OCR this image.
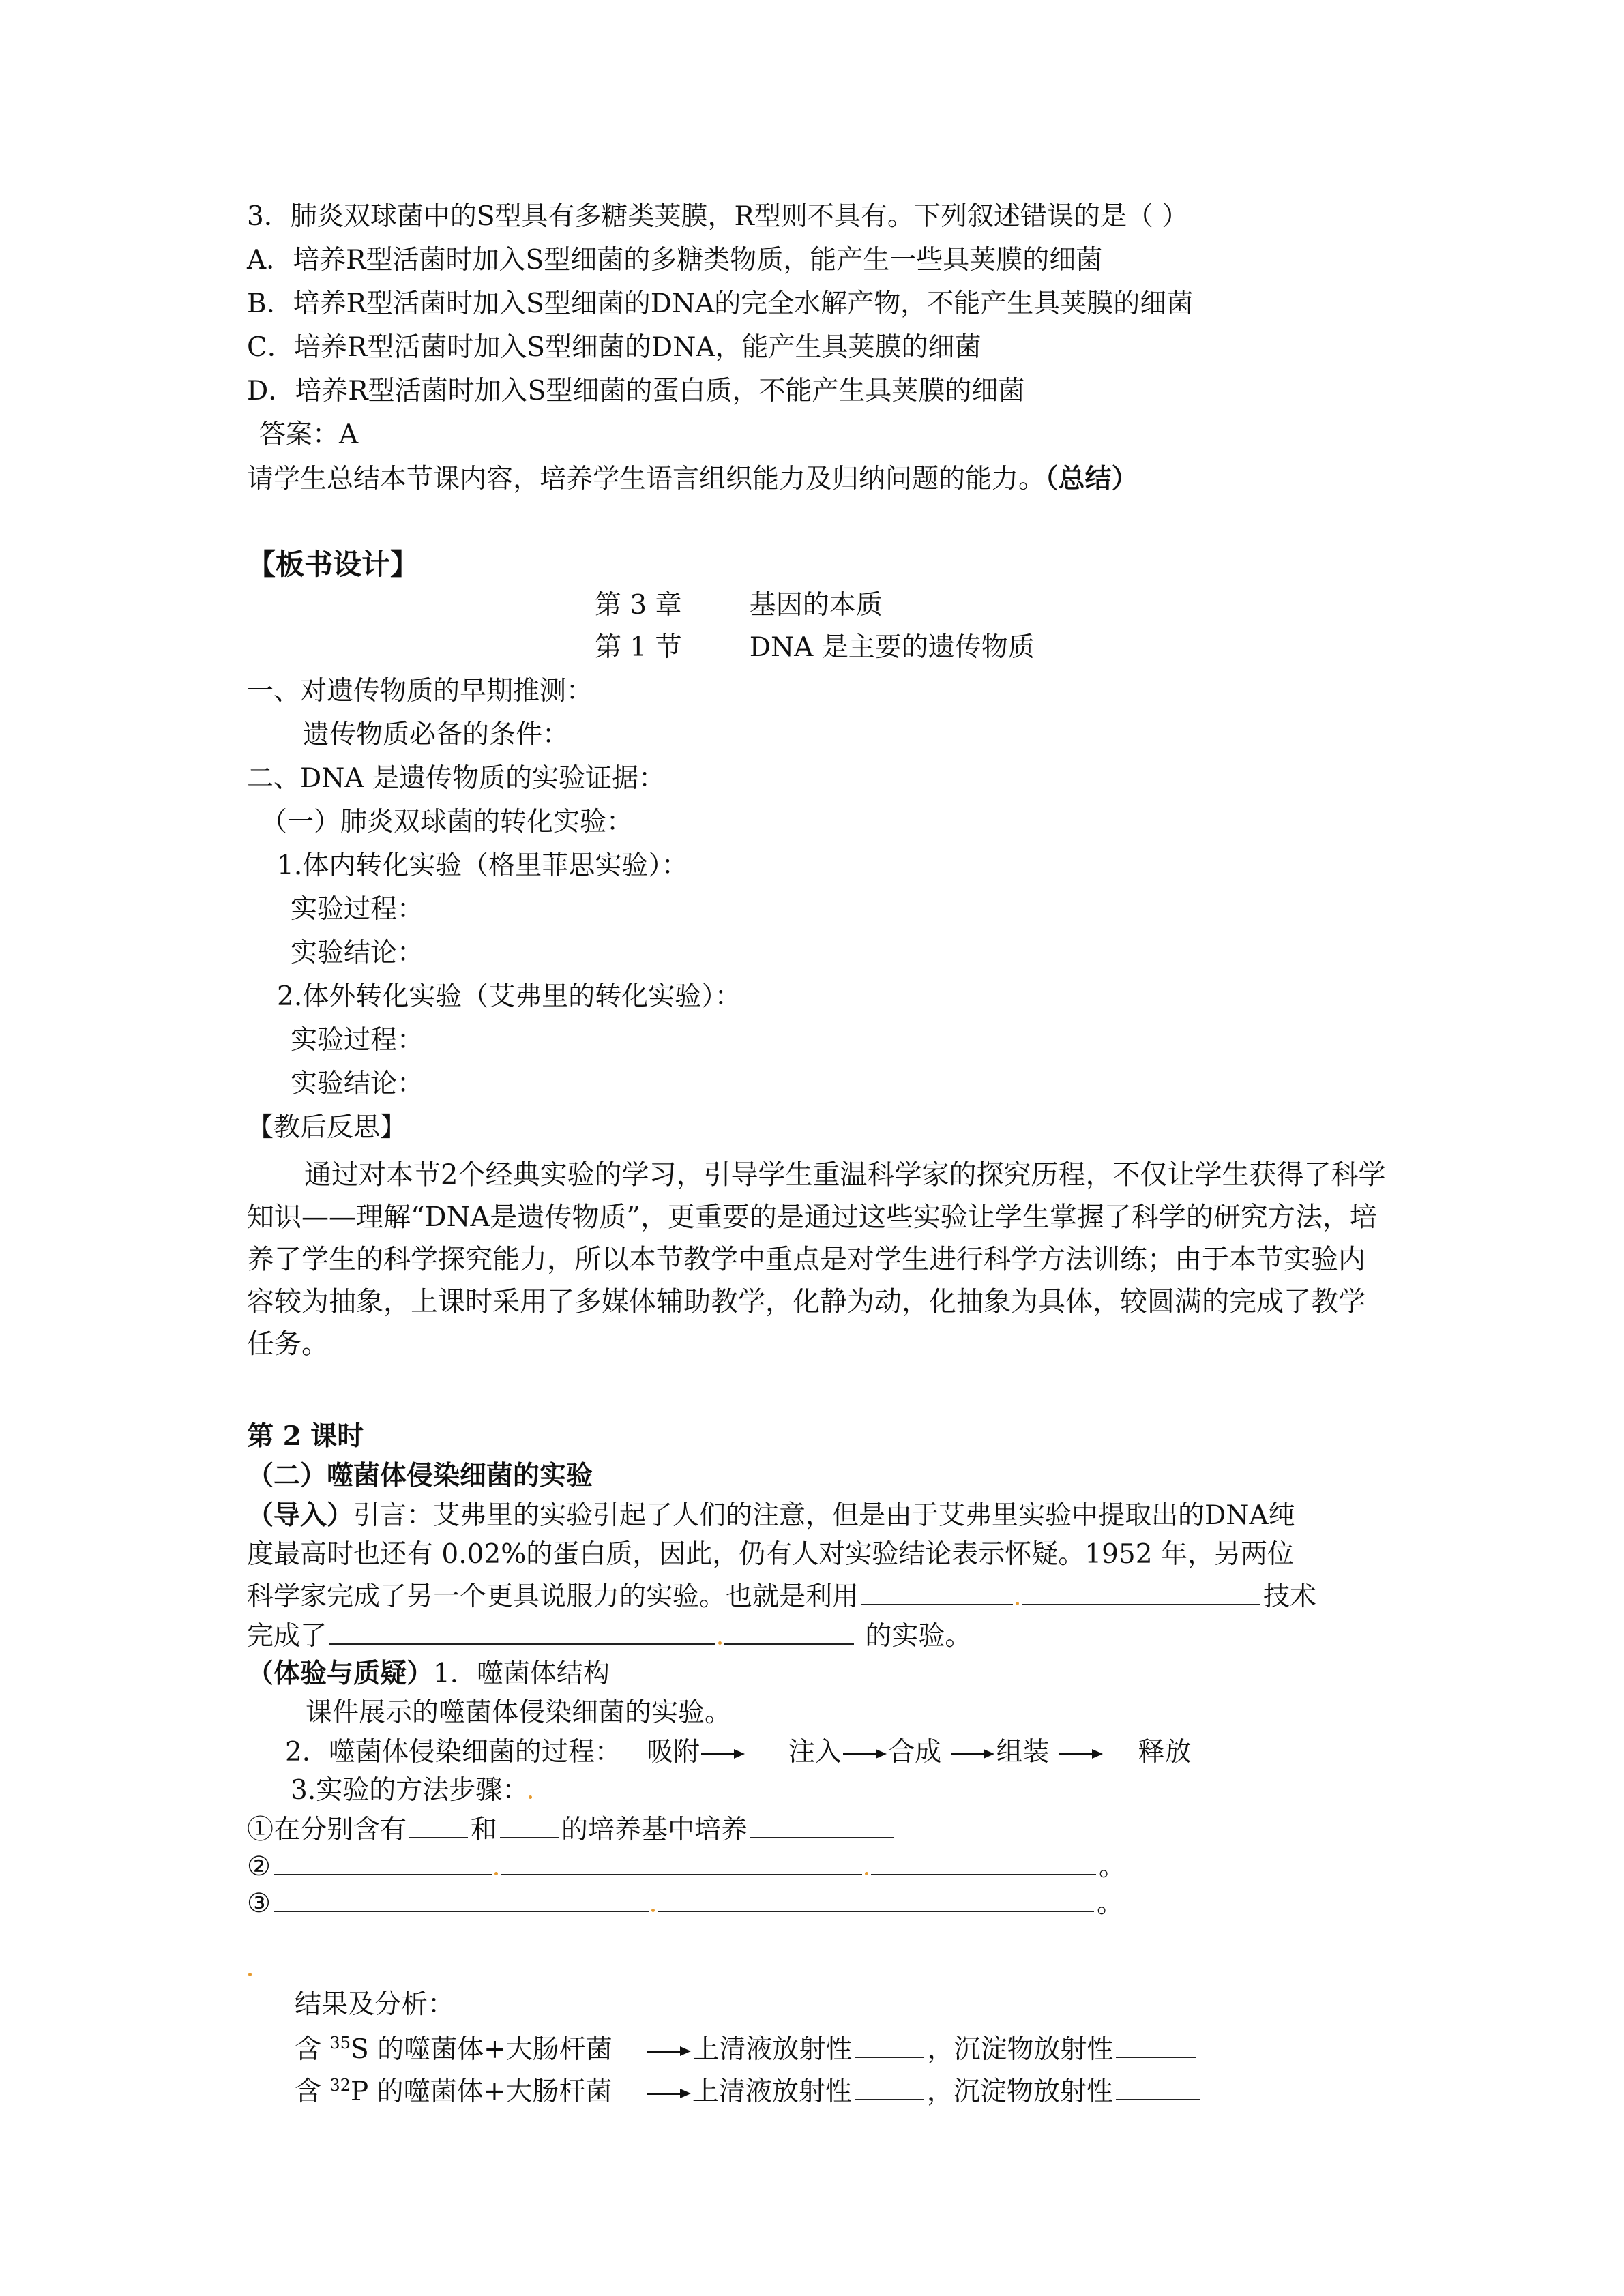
3．肺炎双球菌中的S型具有多糖类荚膜，R型则不具有。下列叙述错误的是（ ）
A．培养R型活菌时加入S型细菌的多糖类物质，能产生一些具荚膜的细菌
B．培养R型活菌时加入S型细菌的DNA的完全水解产物，不能产生具荚膜的细菌
C．培养R型活菌时加入S型细菌的DNA，能产生具荚膜的细菌
D．培养R型活菌时加入S型细菌的蛋白质，不能产生具荚膜的细菌
答案：A
请学生总结本节课内容，培养学生语言组织能力及归纳问题的能力。（总结）
【板书设计】
第 3 章        基因的本质
第 1 节        DNA 是主要的遗传物质
一、对遗传物质的早期推测：
遗传物质必备的条件：
二、DNA 是遗传物质的实验证据：
（一）肺炎双球菌的转化实验：
1.体内转化实验（格里菲思实验）：
实验过程：
实验结论：
2.体外转化实验（艾弗里的转化实验）：
实验过程：
实验结论：
【教后反思】
通过对本节2个经典实验的学习，引导学生重温科学家的探究历程，不仅让学生获得了科学知识——理解“DNA是遗传物质”，更重要的是通过这些实验让学生掌握了科学的研究方法，培养了学生的科学探究能力，所以本节教学中重点是对学生进行科学方法训练；由于本节实验内容较为抽象，上课时采用了多媒体辅助教学，化静为动，化抽象为具体，较圆满的完成了教学任务。
第 2 课时
（二）噬菌体侵染细菌的实验
（导入）引言：艾弗里的实验引起了人们的注意，但是由于艾弗里实验中提取出的DNA纯
度最高时也还有 0.02%的蛋白质，因此，仍有人对实验结论表示怀疑。1952 年，另两位
科学家完成了另一个更具说服力的实验。也就是利用	技术
完成了	的实验。
（体验与质疑）1．噬菌体结构
课件展示的噬菌体侵染细菌的实验。
2．噬菌体侵染细菌的过程： 吸附	注入 合成 组装	释放
3.实验的方法步骤：
①在分别含有 和 的培养基中培养
②	。
③	。
结果及分析：
含 $^{35}$S 的噬菌体+大肠杆菌	上清液放射性	，沉淀物放射性
含 $^{32}$P 的噬菌体+大肠杆菌	上清液放射性	，沉淀物放射性
